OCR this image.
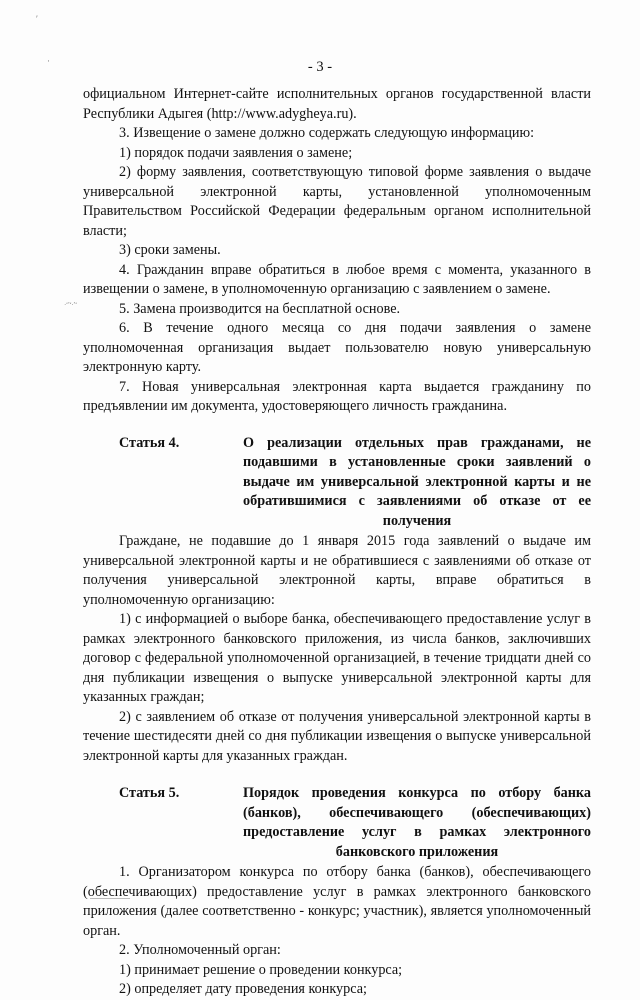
′
·
·‘’‘·’‘
- 3 -

официальном Интернет-сайте исполнительных органов государственной власти Республики Адыгея (http://www.adygheya.ru).

3. Извещение о замене должно содержать следующую информацию:

1) порядок подачи заявления о замене;

2) форму заявления, соответствующую типовой форме заявления о выдаче универсальной электронной карты, установленной уполномоченным Правительством Российской Федерации федеральным органом исполнительной власти;

3) сроки замены.

4. Гражданин вправе обратиться в любое время с момента, указанного в извещении о замене, в уполномоченную организацию с заявлением о замене.

5. Замена производится на бесплатной основе.

6. В течение одного месяца со дня подачи заявления о замене уполномоченная организация выдает пользователю новую универсальную электронную карту.

7. Новая универсальная электронная карта выдается гражданину по предъявлении им документа, удостоверяющего личность гражданина.

Статья 4.	О реализации отдельных прав гражданами, не подавшими в установленные сроки заявлений о выдаче им универсальной электронной карты и не обратившимися с заявлениями об отказе от ее получения

Граждане, не подавшие до 1 января 2015 года заявлений о выдаче им универсальной электронной карты и не обратившиеся с заявлениями об отказе от получения универсальной электронной карты, вправе обратиться в уполномоченную организацию:

1) с информацией о выборе банка, обеспечивающего предоставление услуг в рамках электронного банковского приложения, из числа банков, заключивших договор с федеральной уполномоченной организацией, в течение тридцати дней со дня публикации извещения о выпуске универсальной электронной карты для указанных граждан;

2) с заявлением об отказе от получения универсальной электронной карты в течение шестидесяти дней со дня публикации извещения о выпуске универсальной электронной карты для указанных граждан.

Статья 5.	Порядок проведения конкурса по отбору банка (банков), обеспечивающего (обеспечивающих) предоставление услуг в рамках электронного банковского приложения

1. Организатором конкурса по отбору банка (банков), обеспечивающего (обеспечивающих) предоставление услуг в рамках электронного банковского приложения (далее соответственно - конкурс; участник), является уполномоченный орган.

2. Уполномоченный орган:

1) принимает решение о проведении конкурса;

2) определяет дату проведения конкурса;
